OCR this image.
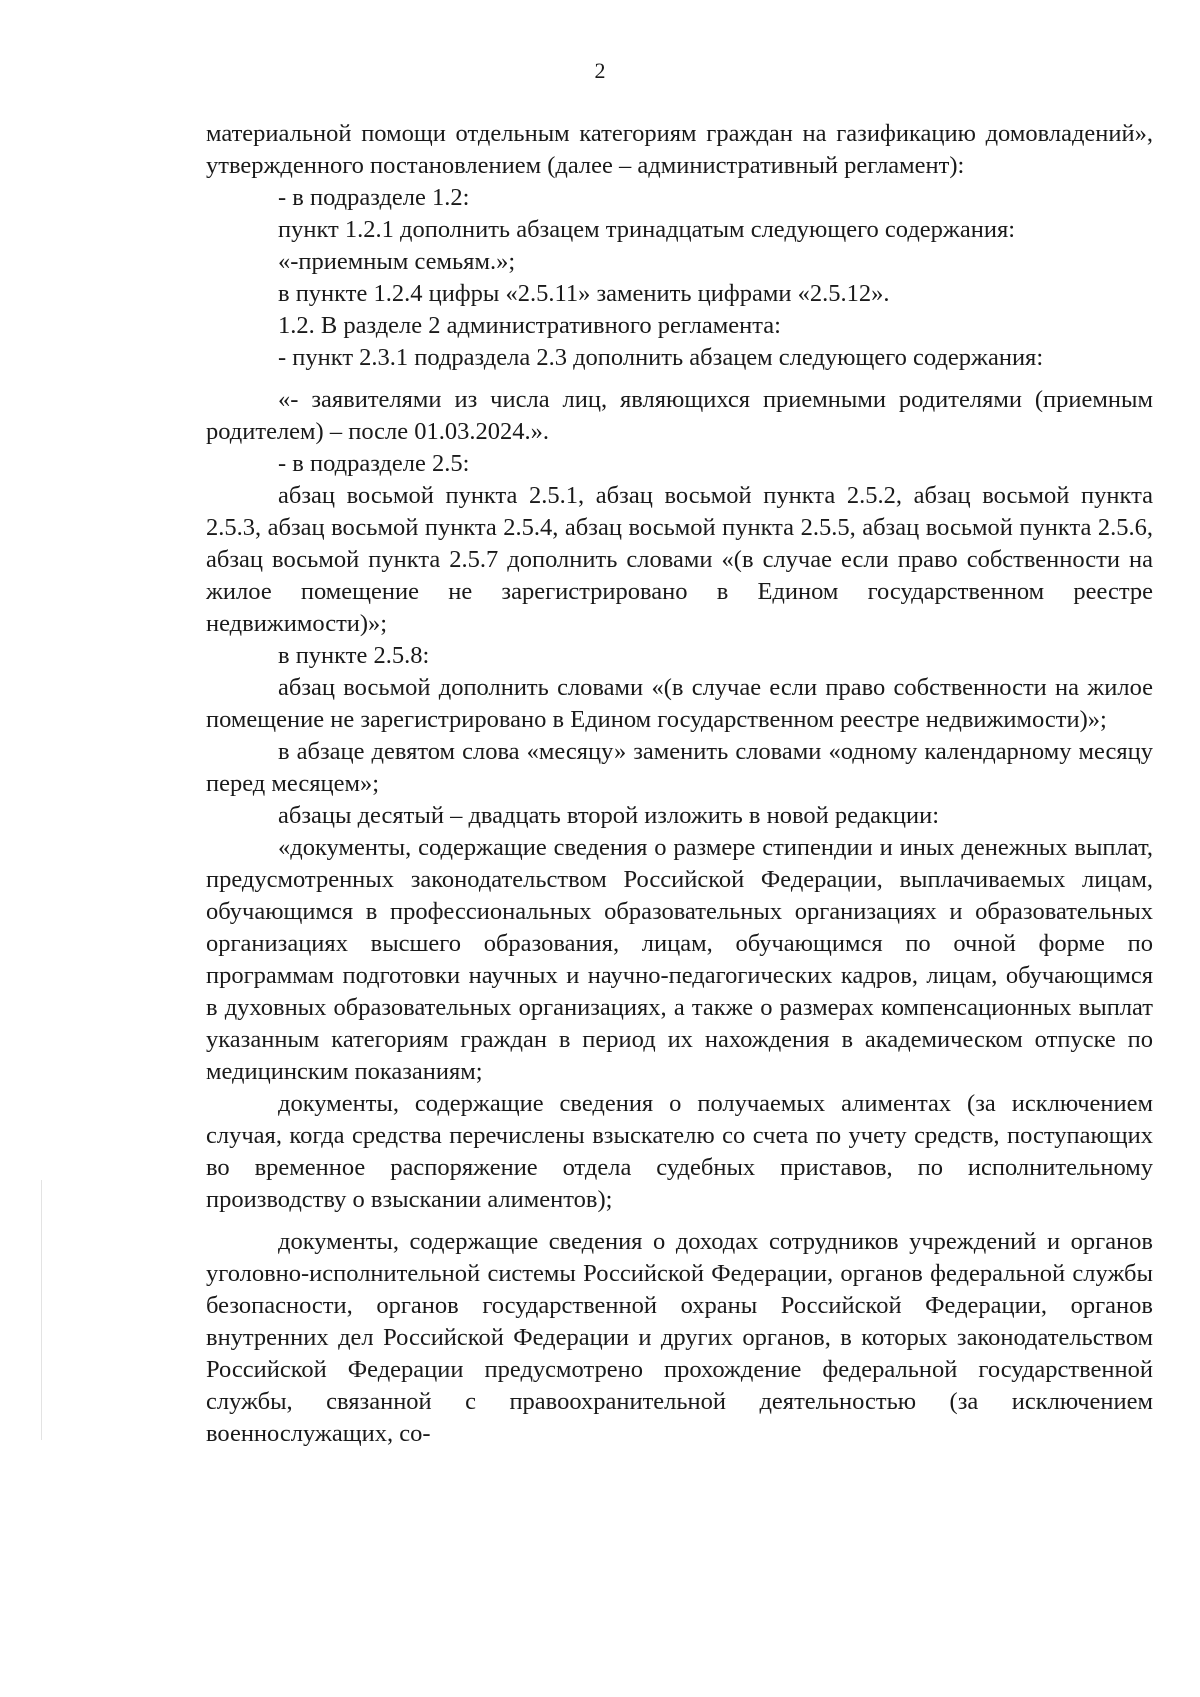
2

материальной помощи отдельным категориям граждан на газификацию домовладений», утвержденного постановлением (далее – административный регламент):

- в подразделе 1.2:

пункт 1.2.1 дополнить абзацем тринадцатым следующего содержания:

«-приемным семьям.»;

в пункте 1.2.4 цифры «2.5.11» заменить цифрами «2.5.12».

1.2. В разделе 2 административного регламента:

- пункт 2.3.1 подраздела 2.3 дополнить абзацем следующего содержания:

«- заявителями из числа лиц, являющихся приемными родителями (приемным родителем) – после 01.03.2024.».

- в подразделе 2.5:

абзац восьмой пункта 2.5.1, абзац восьмой пункта 2.5.2, абзац восьмой пункта 2.5.3, абзац восьмой пункта 2.5.4, абзац восьмой пункта 2.5.5, абзац восьмой пункта 2.5.6, абзац восьмой пункта 2.5.7 дополнить словами «(в случае если право собственности на жилое помещение не зарегистрировано в Едином государственном реестре недвижимости)»;

в пункте 2.5.8:

абзац восьмой дополнить словами «(в случае если право собственности на жилое помещение не зарегистрировано в Едином государственном реестре недвижимости)»;

в абзаце девятом слова «месяцу» заменить словами «одному календарному месяцу перед месяцем»;

абзацы десятый – двадцать второй изложить в новой редакции:

«документы, содержащие сведения о размере стипендии и иных денежных выплат, предусмотренных законодательством Российской Федерации, выплачиваемых лицам, обучающимся в профессиональных образовательных организациях и образовательных организациях высшего образования, лицам, обучающимся по очной форме по программам подготовки научных и научно-педагогических кадров, лицам, обучающимся в духовных образовательных организациях, а также о размерах компенсационных выплат указанным категориям граждан в период их нахождения в академическом отпуске по медицинским показаниям;

документы, содержащие сведения о получаемых алиментах (за исключением случая, когда средства перечислены взыскателю со счета по учету средств, поступающих во временное распоряжение отдела судебных приставов, по исполнительному производству о взыскании алиментов);

документы, содержащие сведения о доходах сотрудников учреждений и органов уголовно-исполнительной системы Российской Федерации, органов федеральной службы безопасности, органов государственной охраны Российской Федерации, органов внутренних дел Российской Федерации и других органов, в которых законодательством Российской Федерации предусмотрено прохождение федеральной государственной службы, связанной с правоохранительной деятельностью (за исключением военнослужащих, со-
